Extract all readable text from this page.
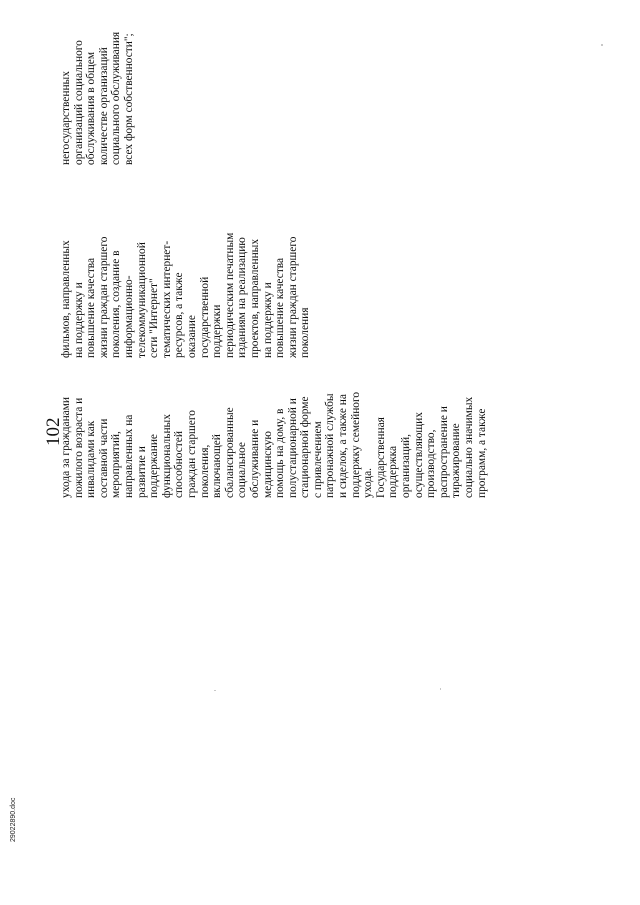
102
29022890.doc
ухода за гражданами пожилого возраста и инвалидами как составной части мероприятий, направленных на развитие и поддержание функциональных способностей граждан старшего поколения, включающей сбалансированные социальное обслуживание и медицинскую помощь на дому, в полустационарной и стационарной форме с привлечением патронажной службы и сиделок, а также на поддержку семейного ухода. Государственная поддержка организаций, осуществляющих производство, распространение и тиражирование социально значимых программ, а также
фильмов, направленных на поддержку и повышение качества жизни граждан старшего поколения, создание в информационно- телекоммуникационной сети "Интернет" тематических интернет- ресурсов, а также оказание государственной поддержки периодическим печатным изданиям на реализацию проектов, направленных на поддержку и повышение качества жизни граждан старшего поколения
негосударственных организаций социального обслуживания в общем количестве организаций социального обслуживания всех форм собственности";
